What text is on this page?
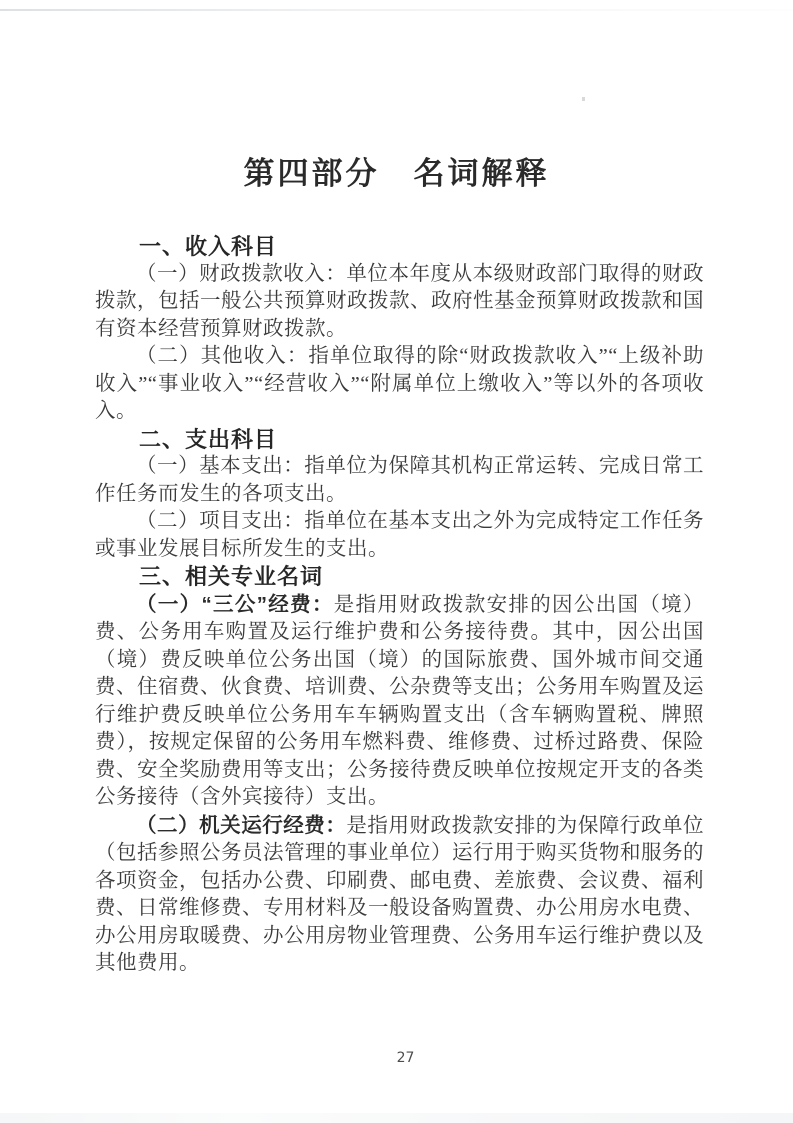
第四部分　名词解释
一、收入科目

（一）财政拨款收入：单位本年度从本级财政部门取得的财政拨款，包括一般公共预算财政拨款、政府性基金预算财政拨款和国有资本经营预算财政拨款。

（二）其他收入：指单位取得的除“财政拨款收入”“上级补助收入”“事业收入”“经营收入”“附属单位上缴收入”等以外的各项收入。

二、支出科目

（一）基本支出：指单位为保障其机构正常运转、完成日常工作任务而发生的各项支出。

（二）项目支出：指单位在基本支出之外为完成特定工作任务或事业发展目标所发生的支出。

三、相关专业名词

（一）“三公”经费：是指用财政拨款安排的因公出国（境）费、公务用车购置及运行维护费和公务接待费。其中，因公出国（境）费反映单位公务出国（境）的国际旅费、国外城市间交通费、住宿费、伙食费、培训费、公杂费等支出；公务用车购置及运行维护费反映单位公务用车车辆购置支出（含车辆购置税、牌照费），按规定保留的公务用车燃料费、维修费、过桥过路费、保险费、安全奖励费用等支出；公务接待费反映单位按规定开支的各类公务接待（含外宾接待）支出。

（二）机关运行经费：是指用财政拨款安排的为保障行政单位（包括参照公务员法管理的事业单位）运行用于购买货物和服务的各项资金，包括办公费、印刷费、邮电费、差旅费、会议费、福利费、日常维修费、专用材料及一般设备购置费、办公用房水电费、办公用房取暖费、办公用房物业管理费、公务用车运行维护费以及其他费用。

27
